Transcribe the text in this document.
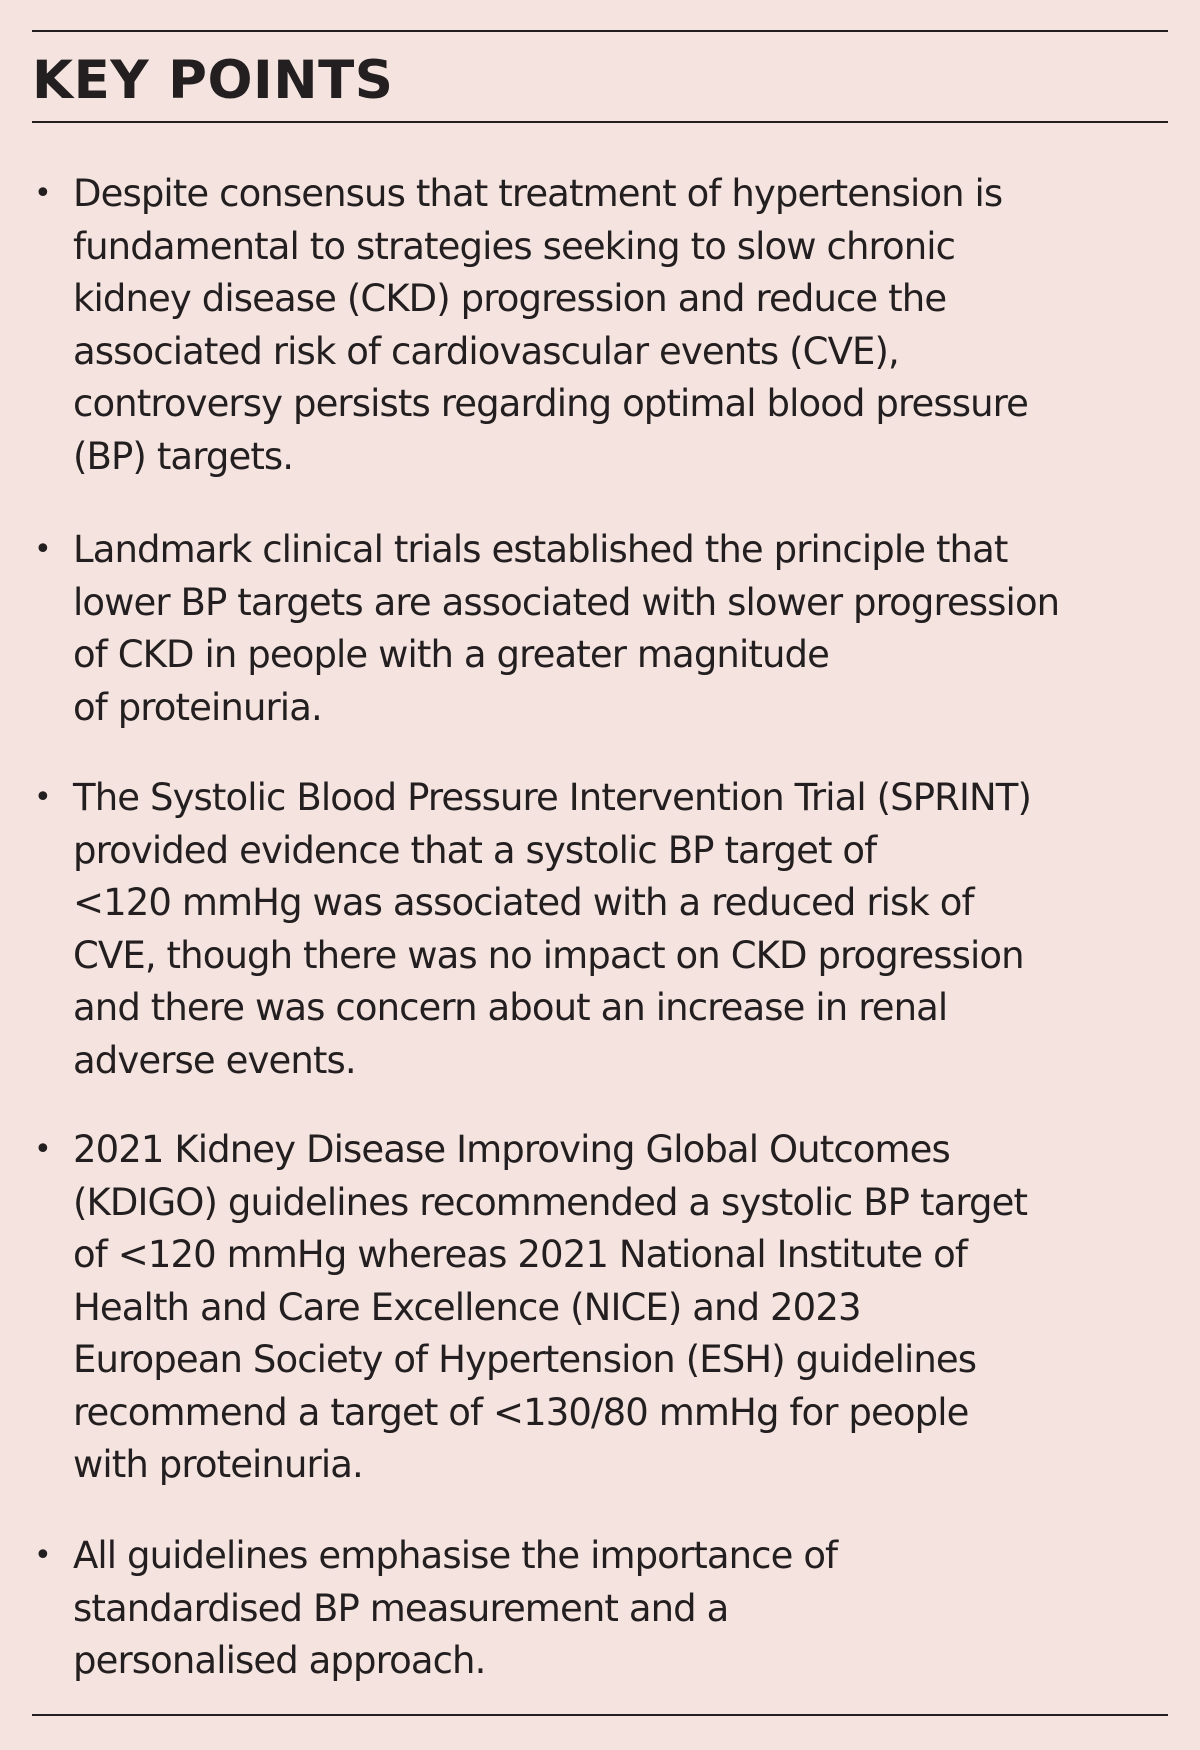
KEY POINTS
• Despite consensus that treatment of hypertension is
fundamental to strategies seeking to slow chronic
kidney disease (CKD) progression and reduce the
associated risk of cardiovascular events (CVE),
controversy persists regarding optimal blood pressure
(BP) targets.

• Landmark clinical trials established the principle that
lower BP targets are associated with slower progression
of CKD in people with a greater magnitude
of proteinuria.

• The Systolic Blood Pressure Intervention Trial (SPRINT)
provided evidence that a systolic BP target of
<120 mmHg was associated with a reduced risk of
CVE, though there was no impact on CKD progression
and there was concern about an increase in renal
adverse events.

• 2021 Kidney Disease Improving Global Outcomes
(KDIGO) guidelines recommended a systolic BP target
of <120 mmHg whereas 2021 National Institute of
Health and Care Excellence (NICE) and 2023
European Society of Hypertension (ESH) guidelines
recommend a target of <130/80 mmHg for people
with proteinuria.

• All guidelines emphasise the importance of
standardised BP measurement and a
personalised approach.
